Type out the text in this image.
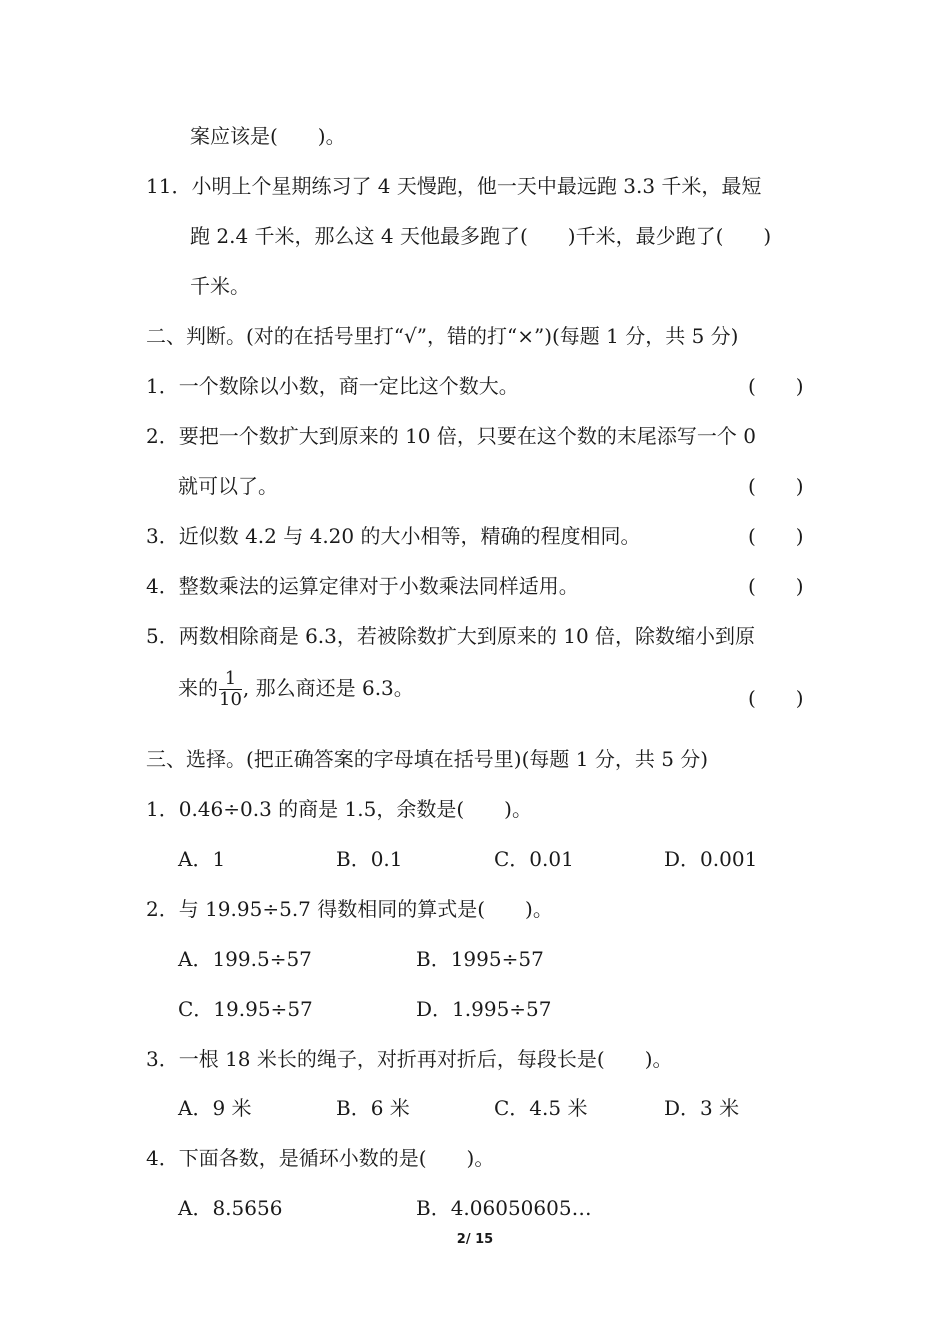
案应该是(　　)。
11．小明上个星期练习了 4 天慢跑，他一天中最远跑 3.3 千米，最短
跑 2.4 千米，那么这 4 天他最多跑了(　　)千米，最少跑了(　　)
千米。
二、判断。(对的在括号里打“√”，错的打“×”)(每题 1 分，共 5 分)
1．一个数除以小数，商一定比这个数大。	(　　)
2．要把一个数扩大到原来的 10 倍，只要在这个数的末尾添写一个 0
就可以了。	(　　)
3．近似数 4.2 与 4.20 的大小相等，精确的程度相同。	(　　)
4．整数乘法的运算定律对于小数乘法同样适用。	(　　)
5．两数相除商是 6.3，若被除数扩大到原来的 10 倍，除数缩小到原
来的 $\frac{1}{10}$ , 那么商还是 6.3。	(　　)
三、选择。(把正确答案的字母填在括号里)(每题 1 分，共 5 分)
1．0.46÷0.3 的商是 1.5，余数是(　　)。
A．1	B．0.1	C．0.01	D．0.001
2．与 19.95÷5.7 得数相同的算式是(　　)。
A．199.5÷57	B．1995÷57
C．19.95÷57	D．1.995÷57
3．一根 18 米长的绳子，对折再对折后，每段长是(　　)。
A．9 米	B．6 米	C．4.5 米	D．3 米
4．下面各数，是循环小数的是(　　)。
A．8.5656	B．4.06050605…
2/ 15
